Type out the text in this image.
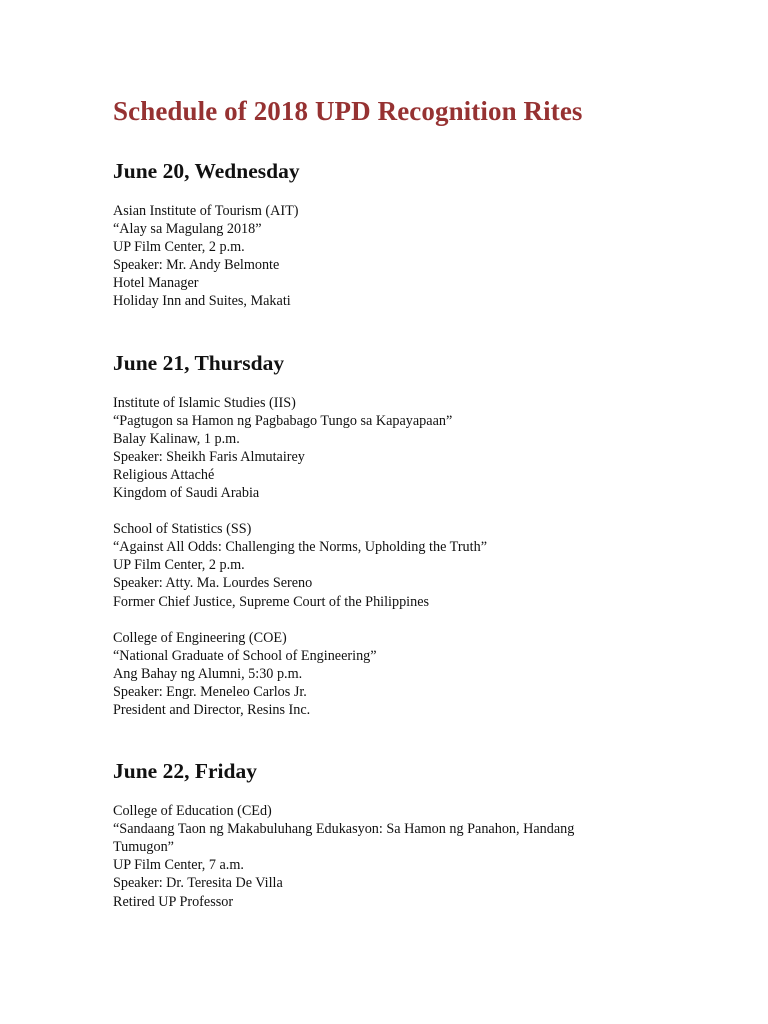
Schedule of 2018 UPD Recognition Rites
June 20, Wednesday
Asian Institute of Tourism (AIT)
“Alay sa Magulang 2018”
UP Film Center, 2 p.m.
Speaker: Mr. Andy Belmonte
Hotel Manager
Holiday Inn and Suites, Makati
June 21, Thursday
Institute of Islamic Studies (IIS)
“Pagtugon sa Hamon ng Pagbabago Tungo sa Kapayapaan”
Balay Kalinaw, 1 p.m.
Speaker: Sheikh Faris Almutairey
Religious Attaché
Kingdom of Saudi Arabia
School of Statistics (SS)
“Against All Odds: Challenging the Norms, Upholding the Truth”
UP Film Center, 2 p.m.
Speaker: Atty. Ma. Lourdes Sereno
Former Chief Justice, Supreme Court of the Philippines
College of Engineering (COE)
“National Graduate of School of Engineering”
Ang Bahay ng Alumni, 5:30 p.m.
Speaker: Engr. Meneleo Carlos Jr.
President and Director, Resins Inc.
June 22, Friday
College of Education (CEd)
“Sandaang Taon ng Makabuluhang Edukasyon: Sa Hamon ng Panahon, Handang
Tumugon”
UP Film Center, 7 a.m.
Speaker: Dr. Teresita De Villa
Retired UP Professor
